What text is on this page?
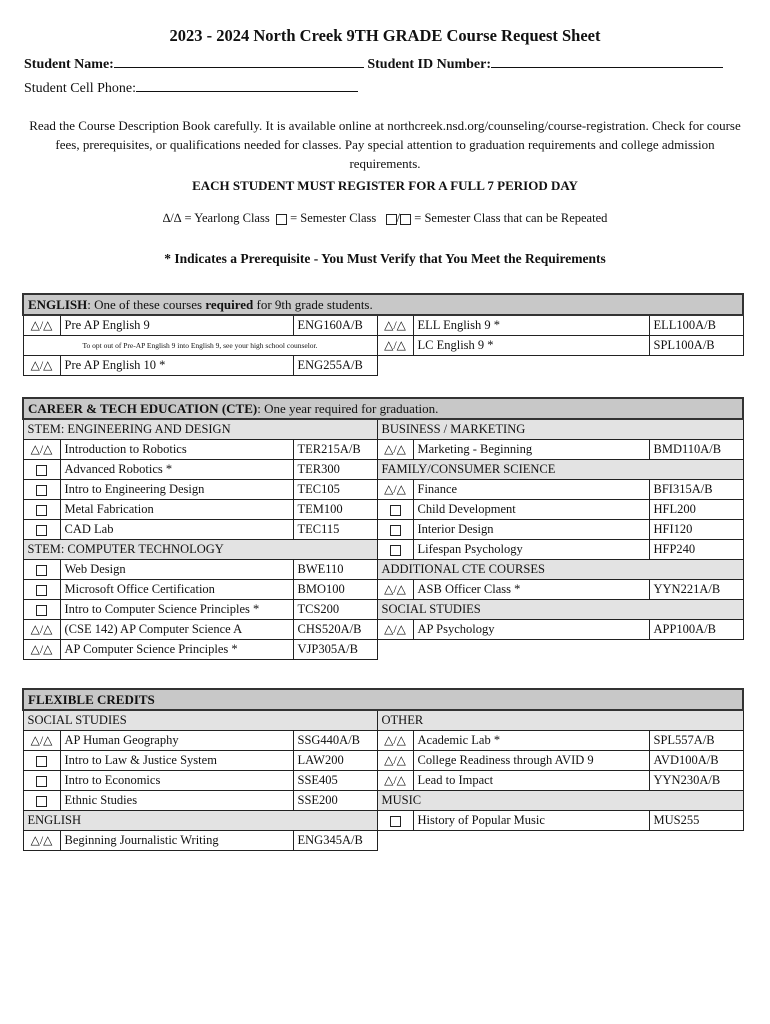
2023 - 2024 North Creek 9TH GRADE Course Request Sheet
Student Name:	Student ID Number:
Student Cell Phone:
Read the Course Description Book carefully. It is available online at northcreek.nsd.org/counseling/course-registration. Check for course fees, prerequisites, or qualifications needed for classes. Pay special attention to graduation requirements and college admission requirements.
EACH STUDENT MUST REGISTER FOR A FULL 7 PERIOD DAY
∆/∆ = Yearlong Class = Semester Class / = Semester Class that can be Repeated
* Indicates a Prerequisite - You Must Verify that You Meet the Requirements
ENGLISH: One of these courses required for 9th grade students.					
△/△	Pre AP English 9	ENG160A/B	△/△	ELL English 9 *	ELL100A/B
To opt out of Pre-AP English 9 into English 9, see your high school counselor.			△/△	LC English 9 *	SPL100A/B
△/△	Pre AP English 10 *	ENG255A/B			
CAREER & TECH EDUCATION (CTE): One year required for graduation.					
STEM: ENGINEERING AND DESIGN			BUSINESS / MARKETING		
△/△	Introduction to Robotics	TER215A/B	△/△	Marketing - Beginning	BMD110A/B
	Advanced Robotics *	TER300	FAMILY/CONSUMER SCIENCE		
	Intro to Engineering Design	TEC105	△/△	Finance	BFI315A/B
	Metal Fabrication	TEM100		Child Development	HFL200
	CAD Lab	TEC115		Interior Design	HFI120
STEM: COMPUTER TECHNOLOGY				Lifespan Psychology	HFP240
	Web Design	BWE110	ADDITIONAL CTE COURSES		
	Microsoft Office Certification	BMO100	△/△	ASB Officer Class *	YYN221A/B
	Intro to Computer Science Principles *	TCS200	SOCIAL STUDIES		
△/△	(CSE 142) AP Computer Science A	CHS520A/B	△/△	AP Psychology	APP100A/B
△/△	AP Computer Science Principles *	VJP305A/B			
FLEXIBLE CREDITS					
SOCIAL STUDIES			OTHER		
△/△	AP Human Geography	SSG440A/B	△/△	Academic Lab *	SPL557A/B
	Intro to Law & Justice System	LAW200	△/△	College Readiness through AVID 9	AVD100A/B
	Intro to Economics	SSE405	△/△	Lead to Impact	YYN230A/B
	Ethnic Studies	SSE200	MUSIC		
ENGLISH				History of Popular Music	MUS255
△/△	Beginning Journalistic Writing	ENG345A/B			
